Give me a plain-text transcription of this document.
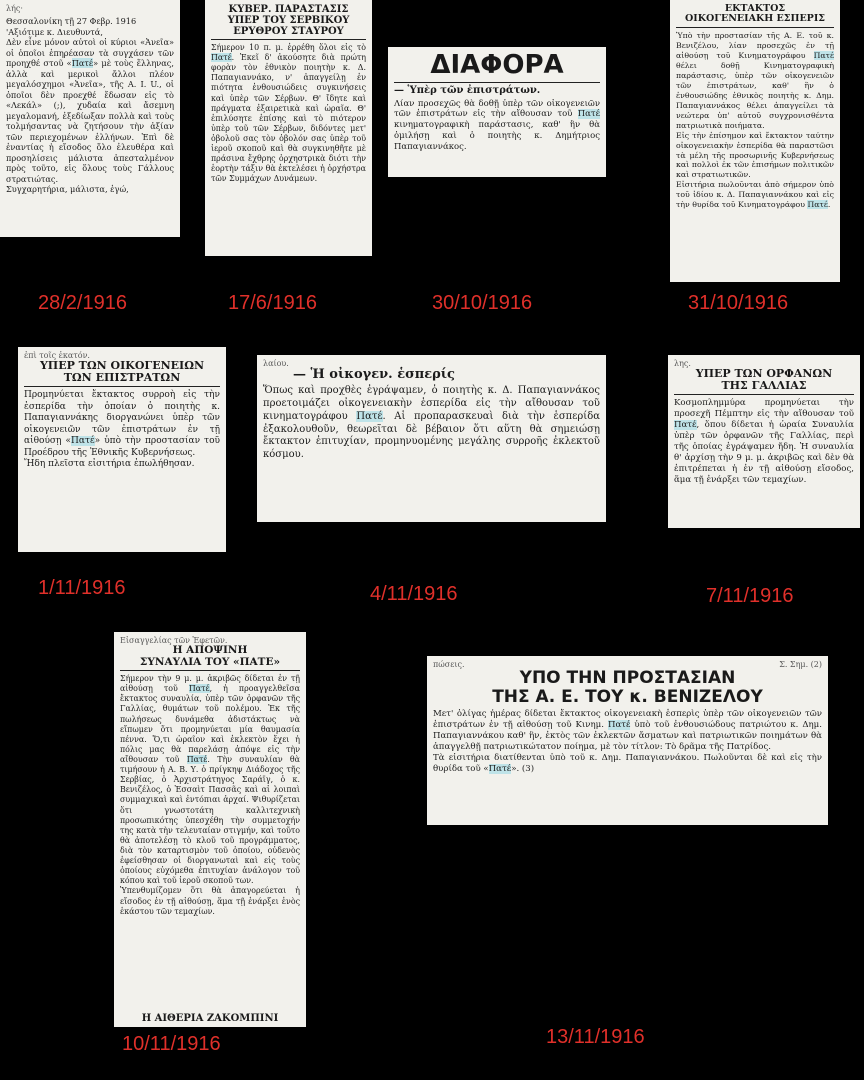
λής·
Θεσσαλονίκη τῇ 27 Φεβρ. 1916
'Αξιότιμε κ. Διευθυντά,
Δὲν εἶνε μόνον αὐτοὶ οἱ κύριοι «Ἀνεῖα» οἱ ὁποῖοι ἐπηρέασαν τὰ συγχάσεν τῶν προηχθέ στοῦ «Πατέ» μὲ τοὺς ἕλληνας, ἀλλὰ καὶ μερικοὶ ἄλλοι πλέον μεγαλόσχημοι «Ἀνεῖα», τῆς A. I. U., οἱ ὁποῖοι δὲν προεχθέ ἔδωσαν εἰς τὸ «Λεκάλ» (;), χυδαία καὶ ἄσεμνη μεγαλομανή, ἐξεδίωξαν πολλὰ καὶ τοὺς τολμήσαντας νὰ ζητήσουν τὴν ἀξίαν τῶν περιεχομένων ἑλλήνων. Ἐπὶ δὲ ἐναντίας ἡ εἴσοδος ὅλο ἐλευθέρα καὶ προσηλίσεις μάλιστα ἀπεσταλμένον πρὸς τοῦτο, εἰς ὅλους τοὺς Γάλλους στρατιώτας.
Συγχαρητήρια, μάλιστα, ἐγώ,
ΚΥΒΕΡ. ΠΑΡΑΣΤΑΣΙΣ
ΥΠΕΡ ΤΟΥ ΣΕΡΒΙΚΟΥ
ΕΡΥΘΡΟΥ ΣΤΑΥΡΟΥ
Σήμερον 10 π. μ. ἐρρέθη ὅλοι εἰς τὸ Πατέ. Ἐκεῖ δ' ἀκούσητε διὰ πρώτη φορὰν τὸν ἐθνικὸν ποιητὴν κ. Δ. Παπαγιαννάκο, ν' ἀπαγγείλῃ ἐν πιότητα ἐνθουσιώδεις συγκινήσεις καὶ ὑπὲρ τῶν Σέρβων. Θ' ἴδητε καὶ πράγματα ἐξαιρετικὰ καὶ ὡραῖα. Θ' ἐπιλύσητε ἐπίσης καὶ τὸ πιότερον ὑπὲρ τοῦ τῶν Σέρβων, διδόντες μετ' ὀβολοῦ σας τὸν ὀβολόν σας ὑπὲρ τοῦ ἱεροῦ σκοποῦ καὶ θὰ συγκινηθῆτε μὲ πράσινα ἔχθρης ὀρχηστρικὰ διότι τὴν ἑορτὴν τάξιν θὰ ἐκτελέσει ἡ ὀρχήστρα τῶν Συμμάχων Δυνάμεων.
ΔΙΑΦΟΡΑ
— Ὑπὲρ τῶν ἐπιστράτων.
Λίαν προσεχῶς θὰ δοθῇ ὑπὲρ τῶν οἰκογενειῶν τῶν ἐπιστράτων εἰς τὴν αἴθουσαν τοῦ Πατέ κινηματογραφικὴ παράστασις, καθ' ἣν θὰ ὁμιλήσῃ καὶ ὁ ποιητὴς κ. Δημήτριος Παπαγιαννάκος.
ΕΚΤΑΚΤΟΣ
ΟΙΚΟΓΕΝΕΙΑΚΗ ΕΣΠΕΡΙΣ
Ὑπὸ τὴν προστασίαν τῆς Α. Ε. τοῦ κ. Βενιζέλου, λίαν προσεχῶς ἐν τῇ αἰθούσῃ τοῦ Κινηματογράφου Πατέ θέλει δοθῇ Κινηματογραφικὴ παράστασις, ὑπὲρ τῶν οἰκογενειῶν τῶν ἐπιστράτων, καθ' ἣν ὁ ἐνθουσιώδης ἐθνικὸς ποιητὴς κ. Δημ. Παπαγιαννάκος θέλει ἀπαγγείλει τὰ νεώτερα ὑπ' αὐτοῦ συγχρονισθέντα πατριωτικὰ ποιήματα.
Εἰς τὴν ἐπίσημον καὶ ἔκτακτον ταύτην οἰκογενειακὴν ἑσπερίδα θὰ παραστῶσι τὰ μέλη τῆς προσωρινῆς Κυβερνήσεως καὶ πολλοὶ ἐκ τῶν ἐπισήμων πολιτικῶν καὶ στρατιωτικῶν.
Εἰσιτήρια πωλοῦνται ἀπὸ σήμερον ὑπὸ τοῦ ἰδίου κ. Δ. Παπαγιαννάκου καὶ εἰς τὴν θυρίδα τοῦ Κινηματογράφου Πατέ.
ἐπὶ τοῖς ἐκατόν.
ΥΠΕΡ ΤΩΝ ΟΙΚΟΓΕΝΕΙΩΝ
ΤΩΝ ΕΠΙΣΤΡΑΤΩΝ
Προμηνύεται ἔκτακτος συρροὴ εἰς τὴν ἑσπερίδα τὴν ὁποίαν ὁ ποιητὴς κ. Παπαγιαννάκης διοργανώνει ὑπὲρ τῶν οἰκογενειῶν τῶν ἐπιστράτων ἐν τῇ αἰθούσῃ «Πατέ» ὑπὸ τὴν προστασίαν τοῦ Προέδρου τῆς Ἐθνικῆς Κυβερνήσεως.
Ἤδη πλεῖστα εἰσιτήρια ἐπωλήθησαν.
λαίου.
— Ἡ οἰκογεν. ἑσπερίς
Ὅπως καὶ προχθὲς ἐγράψαμεν, ὁ ποιητὴς κ. Δ. Παπαγιαννάκος προετοιμάζει οἰκογενειακὴν ἑσπερίδα εἰς τὴν αἴθουσαν τοῦ κινηματογράφου Πατέ. Αἱ προπαρασκευαὶ διὰ τὴν ἑσπερίδα ἐξακολουθοῦν, θεωρεῖται δὲ βέβαιον ὅτι αὕτη θὰ σημειώσῃ ἔκτακτον ἐπιτυχίαν, προμηνυομένης μεγάλης συρροῆς ἐκλεκτοῦ κόσμου.
λης.
ΥΠΕΡ ΤΩΝ ΟΡΦΑΝΩΝ
ΤΗΣ ΓΑΛΛΙΑΣ
Κοσμοπλημμύρα προμηνύεται τὴν προσεχῆ Πέμπτην εἰς τὴν αἴθουσαν τοῦ Πατέ, ὅπου δίδεται ἡ ὡραία Συναυλία ὑπὲρ τῶν ὀρφανῶν τῆς Γαλλίας, περὶ τῆς ὁποίας ἐγράψαμεν ἤδη. Ἡ συναυλία θ' ἀρχίσῃ τὴν 9 μ. μ. ἀκριβῶς καὶ δὲν θὰ ἐπιτρέπεται ἡ ἐν τῇ αἰθούσῃ εἴσοδος, ἅμα τῇ ἐνάρξει τῶν τεμαχίων.
Εἰσαγγελίας τῶν Ἐφετῶν.
Η ΑΠΟΨΙΝΗ
ΣΥΝΑΥΛΙΑ ΤΟΥ «ΠΑΤΕ»
Σήμερον τὴν 9 μ. μ. ἀκριβῶς δίδεται ἐν τῇ αἰθούσῃ τοῦ Πατέ, ἡ προαγγελθεῖσα ἔκτακτος συναυλία, ὑπὲρ τῶν ὀρφανῶν τῆς Γαλλίας, θυμάτων τοῦ πολέμου. Ἐκ τῆς πωλήσεως δυνάμεθα ἀδιστάκτως νὰ εἴπωμεν ὅτι προμηνύεται μία θαυμασία πέννα. Ὅ,τι ὡραῖον καὶ ἐκλεκτὸν ἔχει ἡ πόλις μας θὰ παρελάσῃ ἀπόψε εἰς τὴν αἴθουσαν τοῦ Πατέ. Τὴν συναυλίαν θὰ τιμήσουν ἡ Α. Β. Υ. ὁ πρίγκηψ Διάδοχος τῆς Σερβίας, ὁ Ἀρχιστράτηγος Σαράϊγ, ὁ κ. Βενιζέλος, ὁ Ἐσσαὶτ Πασσᾶς καὶ αἱ λοιπαὶ συμμαχικαὶ καὶ ἐντόπιαι ἀρχαί. Ψιθυρίζεται ὅτι γνωστοτάτη καλλιτεχνικὴ προσωπικότης ὑπεσχέθη τὴν συμμετοχήν της κατὰ τὴν τελευταίαν στιγμήν, καὶ τοῦτο θὰ ἀποτελέσῃ τὸ κλοῦ τοῦ προγράμματος, διὰ τὸν καταρτισμὸν τοῦ ὁποίου, οὐδενὸς ἐφείσθησαν οἱ διοργανωταὶ καὶ εἰς τοὺς ὁποίους εὐχόμεθα ἐπιτυχίαν ἀνάλογον τοῦ κόπου καὶ τοῦ ἱεροῦ σκοποῦ των.
Ὑπενθυμίζομεν ὅτι θὰ ἀπαγορεύεται ἡ εἴσοδος ἐν τῇ αἰθούσῃ, ἅμα τῇ ἐνάρξει ἑνὸς ἑκάστου τῶν τεμαχίων.
Η ΑΙΘΕΡΙΑ ΖΑΚΟΜΠΙΝΙ
πώσεις.	Σ. Σημ. (2)
ΥΠΟ ΤΗΝ ΠΡΟΣΤΑΣΙΑΝ
ΤΗΣ Α. Ε. ΤΟΥ κ. ΒΕΝΙΖΕΛΟΥ
Μετ' ὀλίγας ἡμέρας δίδεται ἔκτακτος οἰκογενειακὴ ἑσπερὶς ὑπὲρ τῶν οἰκογενειῶν τῶν ἐπιστράτων ἐν τῇ αἰθούσῃ τοῦ Κινημ. Πατέ ὑπὸ τοῦ ἐνθουσιώδους πατριώτου κ. Δημ. Παπαγιαννάκου καθ' ἣν, ἐκτὸς τῶν ἐκλεκτῶν ἄσματων καὶ πατριωτικῶν ποιημάτων θὰ ἀπαγγελθῇ πατριωτικώτατον ποίημα, μὲ τὸν τίτλον: Τὸ δρᾶμα τῆς Πατρίδος.
Τὰ εἰσιτήρια διατίθενται ὑπὸ τοῦ κ. Δημ. Παπαγιαννάκου. Πωλοῦνται δὲ καὶ εἰς τὴν θυρίδα τοῦ «Πατέ». (3)
28/2/1916	17/6/1916	30/10/1916	31/10/1916
1/11/1916	4/11/1916	7/11/1916
10/11/1916	13/11/1916
